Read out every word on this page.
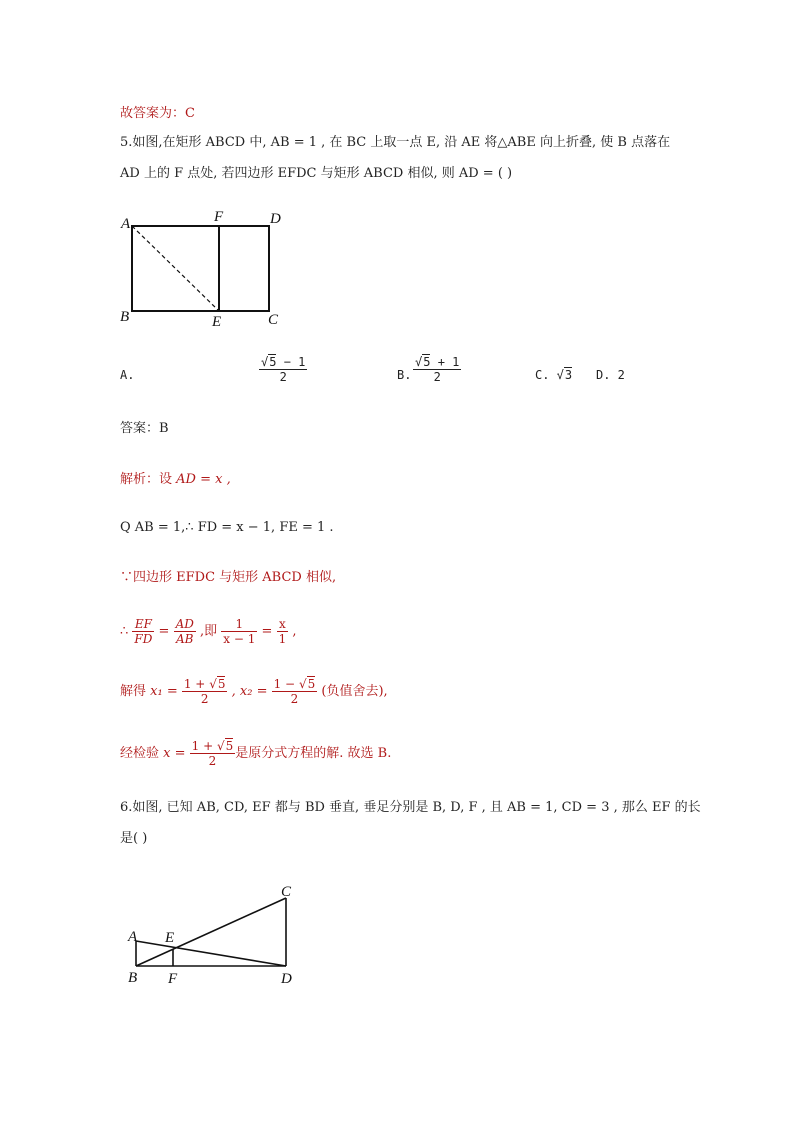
故答案为：C
5.如图,在矩形 ABCD 中, AB = 1 , 在 BC 上取一点 E, 沿 AE 将△ABE 向上折叠, 使 B 点落在
AD 上的 F 点处, 若四边形 EFDC 与矩形 ABCD 相似, 则 AD = ( )
A	F	D
B	E	C
A.	$\frac{√5 - 1}{2}$	B. $\frac{√5 + 1}{2}$	C. √3 D. 2
答案：B
解析：设 AD = x ,
Q AB = 1,∴ FD = x − 1, FE = 1 .
∵四边形 EFDC 与矩形 ABCD 相似,
∴ $\frac{EF}{FD} = \frac{AD}{AB}$ ,即 $\frac{1}{x - 1} = \frac{x}{1}$ ,
解得 $x_1 = \frac{1 + √5}{2}$ , $x_2 = \frac{1 - √5}{2}$ (负值舍去),
经检验 $x = \frac{1 + √5}{2}$ 是原分式方程的解. 故选 B.
6.如图, 已知 AB, CD, EF 都与 BD 垂直, 垂足分别是 B, D, F , 且 AB = 1, CD = 3 , 那么 EF 的长
是( )
A E
C
B F	D
